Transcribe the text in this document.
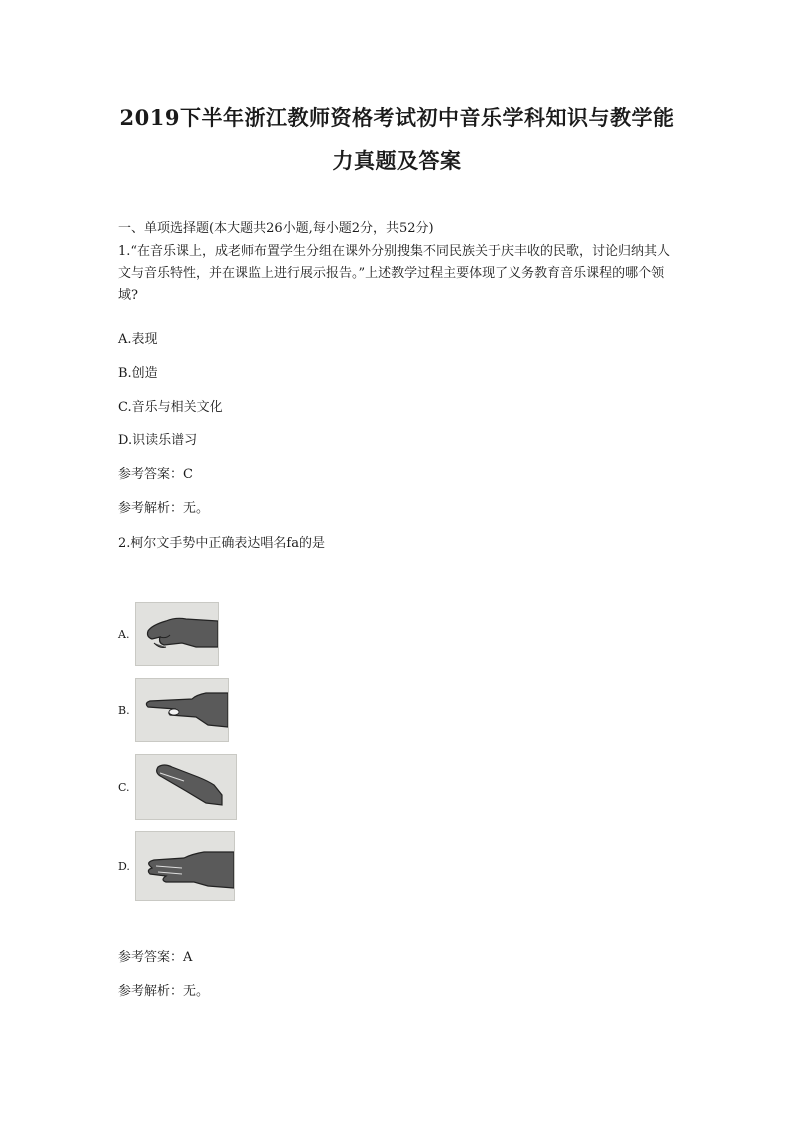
2019下半年浙江教师资格考试初中音乐学科知识与教学能力真题及答案
一、单项选择题(本大题共26小题,每小题2分，共52分)
1.“在音乐课上，成老师布置学生分组在课外分别搜集不同民族关于庆丰收的民歌，讨论归纳其人文与音乐特性，并在课监上进行展示报告。”上述教学过程主要体现了义务教育音乐课程的哪个领域?
A.表现
B.创造
C.音乐与相关文化
D.识读乐谱习
参考答案：C
参考解析：无。
2.柯尔文手势中正确表达唱名fa的是
A.
B.
C.
D.
参考答案：A
参考解析：无。
